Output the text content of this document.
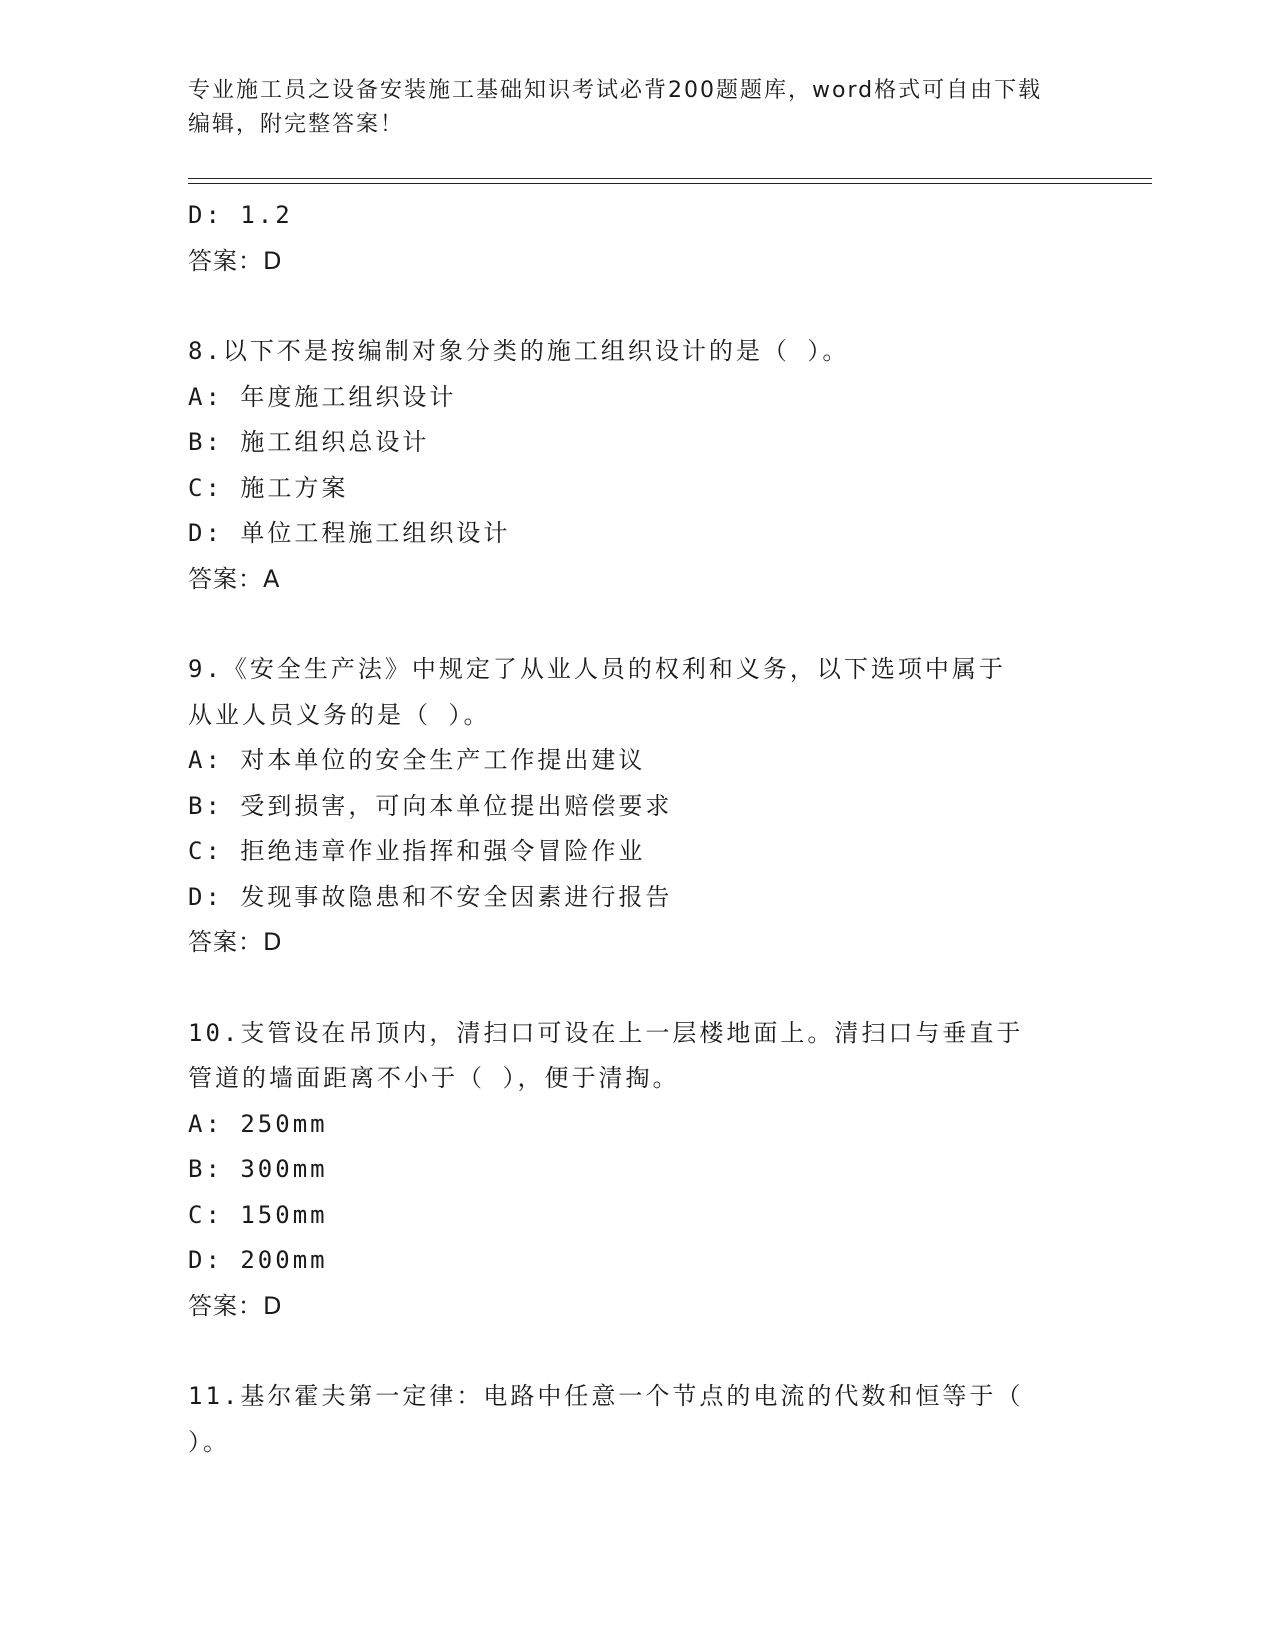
专业施工员之设备安装施工基础知识考试必背200题题库，word格式可自由下载
编辑，附完整答案！
D: 1.2
答案：D
8.以下不是按编制对象分类的施工组织设计的是（ ）。
A: 年度施工组织设计
B: 施工组织总设计
C: 施工方案
D: 单位工程施工组织设计
答案：A
9.《安全生产法》中规定了从业人员的权利和义务，以下选项中属于
从业人员义务的是（ ）。
A: 对本单位的安全生产工作提出建议
B: 受到损害，可向本单位提出赔偿要求
C: 拒绝违章作业指挥和强令冒险作业
D: 发现事故隐患和不安全因素进行报告
答案：D
10.支管设在吊顶内，清扫口可设在上一层楼地面上。清扫口与垂直于
管道的墙面距离不小于（ ），便于清掏。
A: 250mm
B: 300mm
C: 150mm
D: 200mm
答案：D
11.基尔霍夫第一定律：电路中任意一个节点的电流的代数和恒等于（
）。
